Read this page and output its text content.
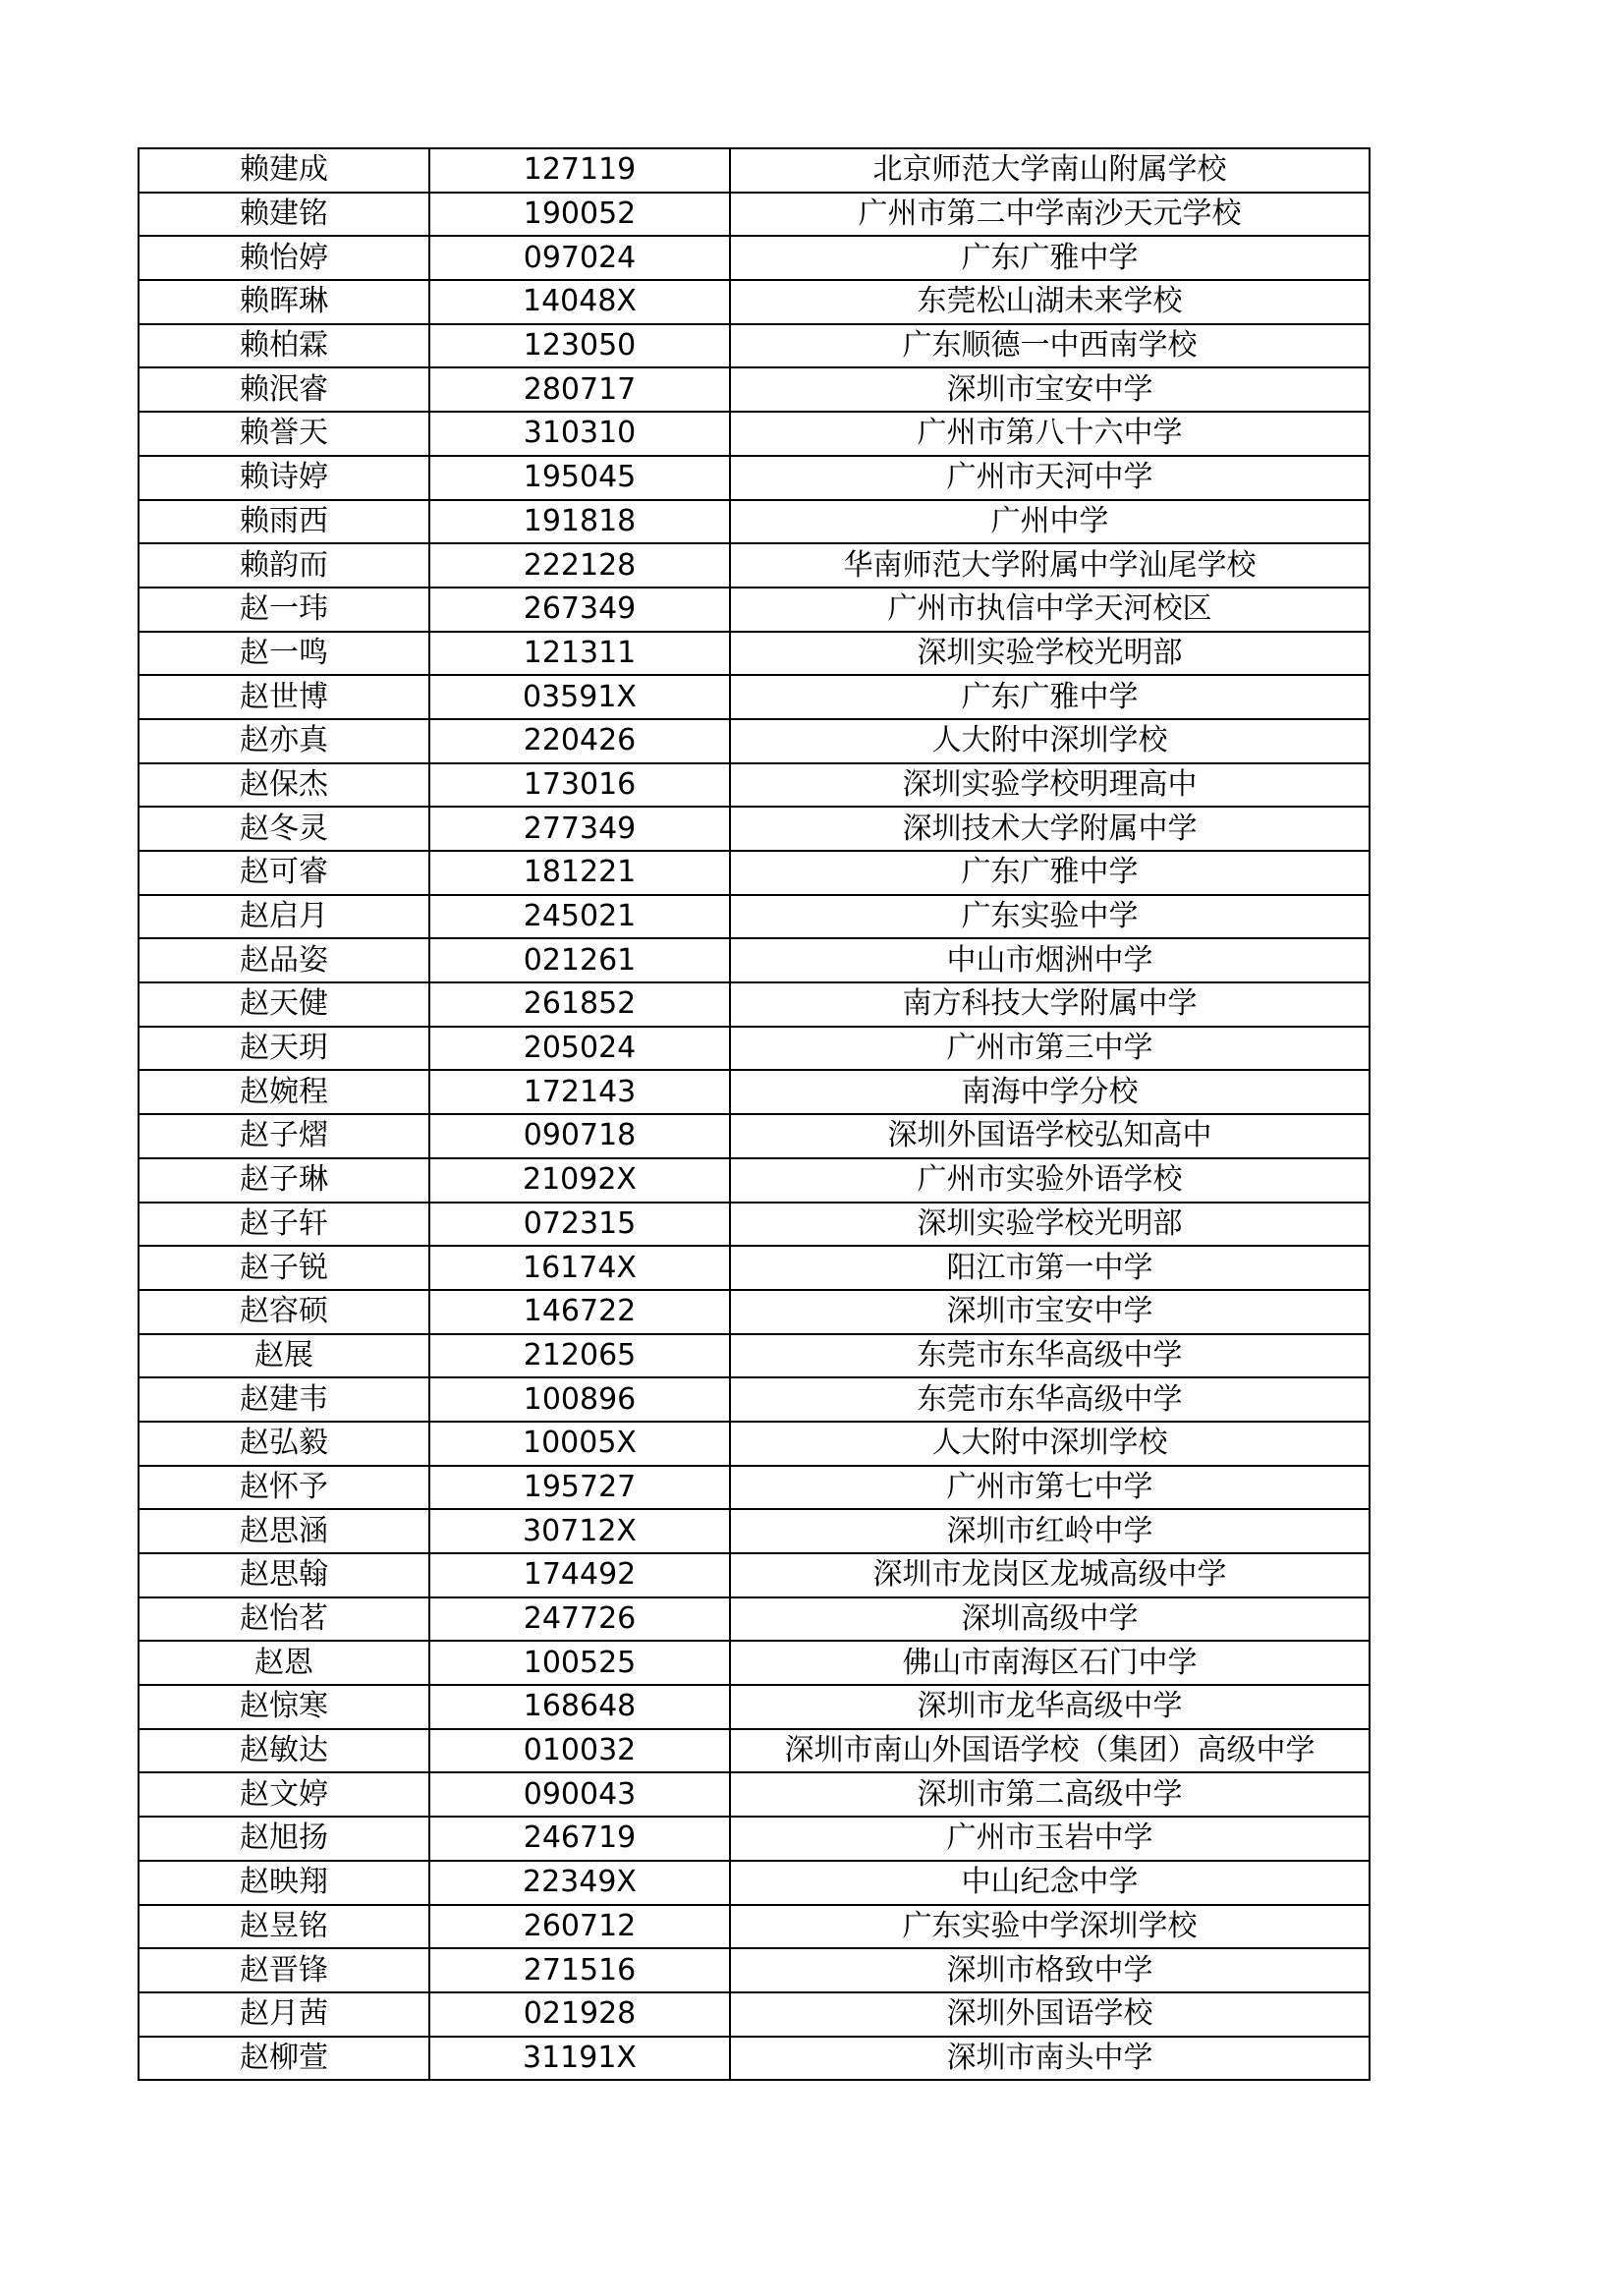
赖建成	127119	北京师范大学南山附属学校
赖建铭	190052	广州市第二中学南沙天元学校
赖怡婷	097024	广东广雅中学
赖晖琳	14048X	东莞松山湖未来学校
赖柏霖	123050	广东顺德一中西南学校
赖泯睿	280717	深圳市宝安中学
赖誉天	310310	广州市第八十六中学
赖诗婷	195045	广州市天河中学
赖雨西	191818	广州中学
赖韵而	222128	华南师范大学附属中学汕尾学校
赵一玮	267349	广州市执信中学天河校区
赵一鸣	121311	深圳实验学校光明部
赵世博	03591X	广东广雅中学
赵亦真	220426	人大附中深圳学校
赵保杰	173016	深圳实验学校明理高中
赵冬灵	277349	深圳技术大学附属中学
赵可睿	181221	广东广雅中学
赵启月	245021	广东实验中学
赵品姿	021261	中山市烟洲中学
赵天健	261852	南方科技大学附属中学
赵天玥	205024	广州市第三中学
赵婉程	172143	南海中学分校
赵子熠	090718	深圳外国语学校弘知高中
赵子琳	21092X	广州市实验外语学校
赵子轩	072315	深圳实验学校光明部
赵子锐	16174X	阳江市第一中学
赵容硕	146722	深圳市宝安中学
赵展	212065	东莞市东华高级中学
赵建韦	100896	东莞市东华高级中学
赵弘毅	10005X	人大附中深圳学校
赵怀予	195727	广州市第七中学
赵思涵	30712X	深圳市红岭中学
赵思翰	174492	深圳市龙岗区龙城高级中学
赵怡茗	247726	深圳高级中学
赵恩	100525	佛山市南海区石门中学
赵惊寒	168648	深圳市龙华高级中学
赵敏达	010032	深圳市南山外国语学校（集团）高级中学
赵文婷	090043	深圳市第二高级中学
赵旭扬	246719	广州市玉岩中学
赵映翔	22349X	中山纪念中学
赵昱铭	260712	广东实验中学深圳学校
赵晋锋	271516	深圳市格致中学
赵月茜	021928	深圳外国语学校
赵柳萱	31191X	深圳市南头中学
